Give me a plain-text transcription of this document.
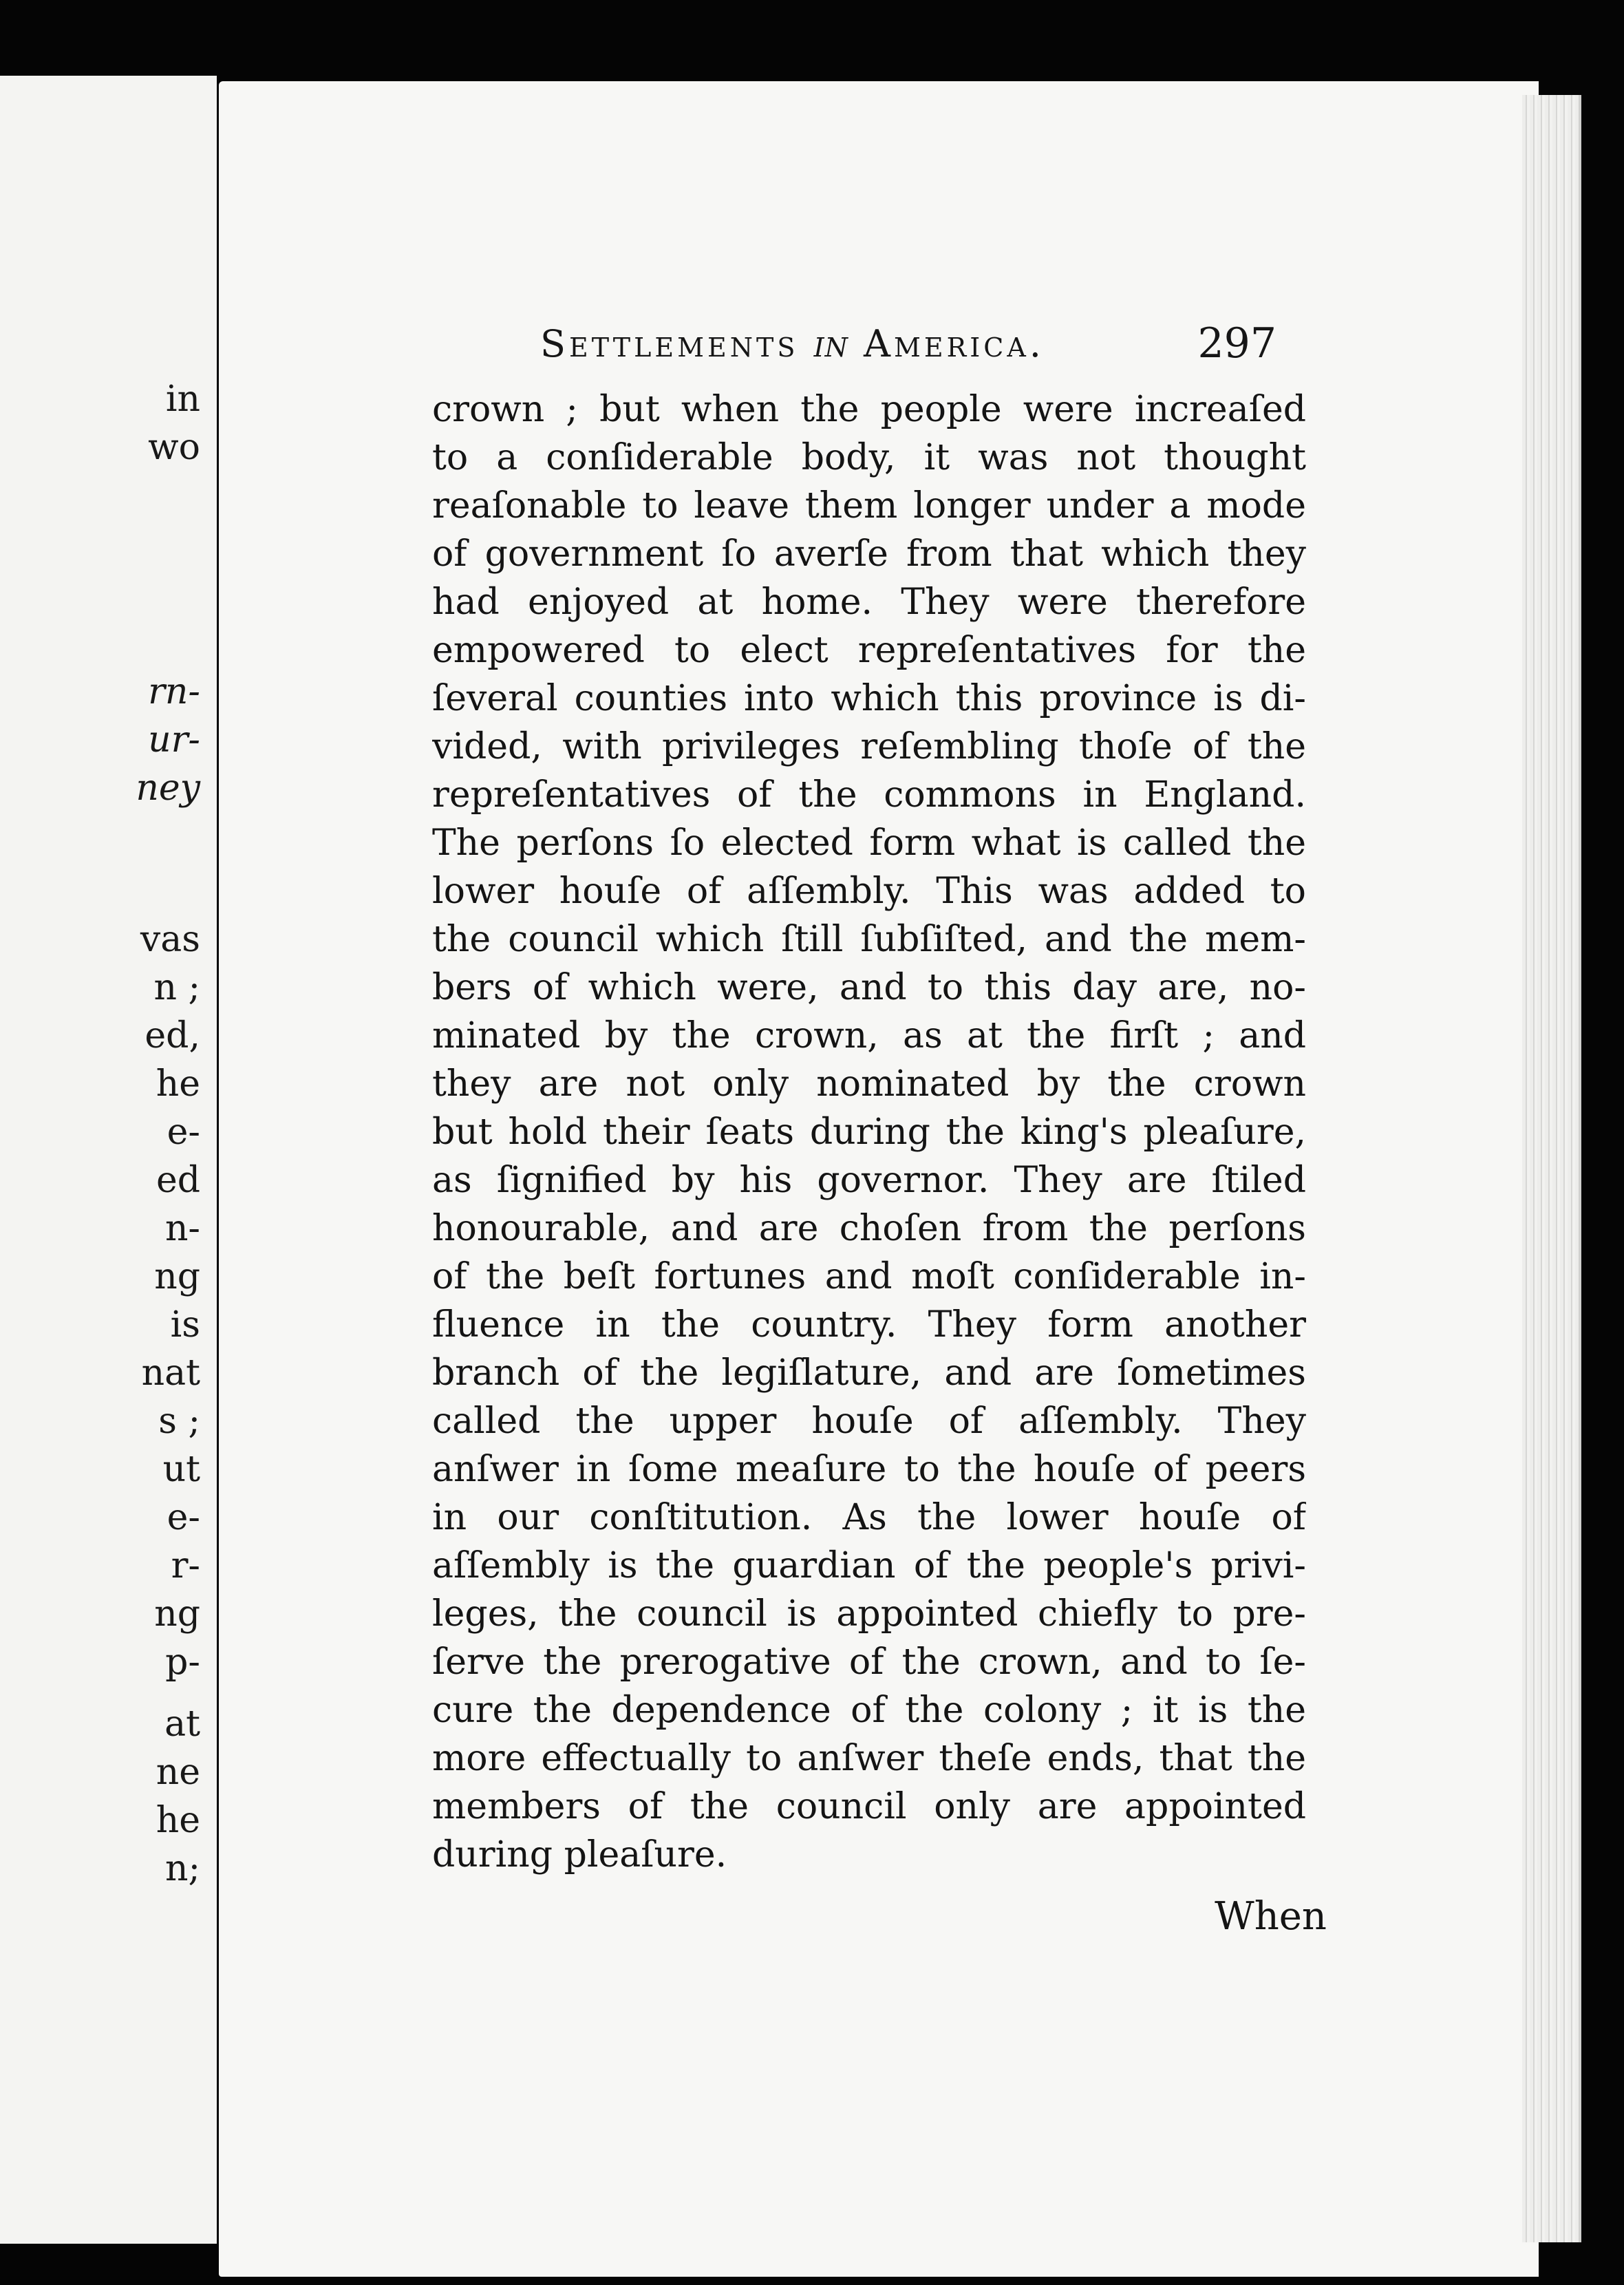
in
wo
rn-
ur-
ney
vas
n ;
ed,
he
e-
ed
n-
ng
is
nat
s ;
ut
e-
r-
ng
p-
at
ne
he
n;
Settlements in America.	297
crown ; but when the people were increaſed
to a conſiderable body, it was not thought
reaſonable to leave them longer under a mode
of government ſo averſe from that which they
had enjoyed at home. They were therefore
empowered to elect repreſentatives for the
ſeveral counties into which this province is di-
vided, with privileges reſembling thoſe of the
repreſentatives of the commons in England.
The perſons ſo elected form what is called the
lower houſe of aſſembly. This was added to
the council which ſtill ſubſiſted, and the mem-
bers of which were, and to this day are, no-
minated by the crown, as at the firſt ; and
they are not only nominated by the crown
but hold their ſeats during the king's pleaſure,
as ſignified by his governor. They are ſtiled
honourable, and are choſen from the perſons
of the beſt fortunes and moſt conſiderable in-
fluence in the country. They form another
branch of the legiſlature, and are ſometimes
called the upper houſe of aſſembly. They
anſwer in ſome meaſure to the houſe of peers
in our conſtitution. As the lower houſe of
aſſembly is the guardian of the people's privi-
leges, the council is appointed chiefly to pre-
ſerve the prerogative of the crown, and to ſe-
cure the dependence of the colony ; it is the
more effectually to anſwer theſe ends, that the
members of the council only are appointed
during pleaſure.
When
